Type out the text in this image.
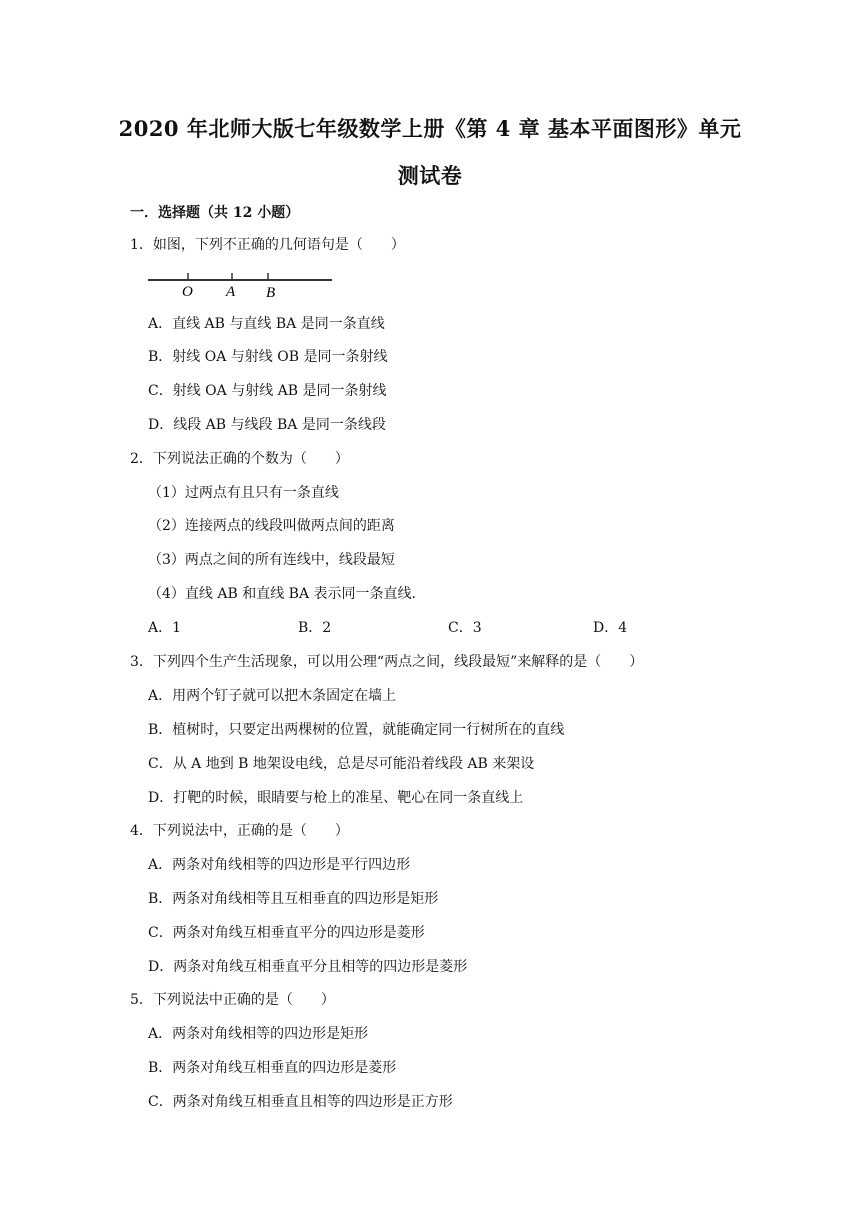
2020 年北师大版七年级数学上册《第 4 章 基本平面图形》单元
测试卷
一．选择题（共 12 小题）
1．如图，下列不正确的几何语句是（　　）
O A B
A．直线 AB 与直线 BA 是同一条直线
B．射线 OA 与射线 OB 是同一条射线
C．射线 OA 与射线 AB 是同一条射线
D．线段 AB 与线段 BA 是同一条线段
2．下列说法正确的个数为（　　）
（1）过两点有且只有一条直线
（2）连接两点的线段叫做两点间的距离
（3）两点之间的所有连线中，线段最短
（4）直线 AB 和直线 BA 表示同一条直线.
A．1	B．2	C．3	D．4
3．下列四个生产生活现象，可以用公理“两点之间，线段最短”来解释的是（　　）
A．用两个钉子就可以把木条固定在墙上
B．植树时，只要定出两棵树的位置，就能确定同一行树所在的直线
C．从 A 地到 B 地架设电线，总是尽可能沿着线段 AB 来架设
D．打靶的时候，眼睛要与枪上的准星、靶心在同一条直线上
4．下列说法中，正确的是（　　）
A．两条对角线相等的四边形是平行四边形
B．两条对角线相等且互相垂直的四边形是矩形
C．两条对角线互相垂直平分的四边形是菱形
D．两条对角线互相垂直平分且相等的四边形是菱形
5．下列说法中正确的是（　　）
A．两条对角线相等的四边形是矩形
B．两条对角线互相垂直的四边形是菱形
C．两条对角线互相垂直且相等的四边形是正方形
